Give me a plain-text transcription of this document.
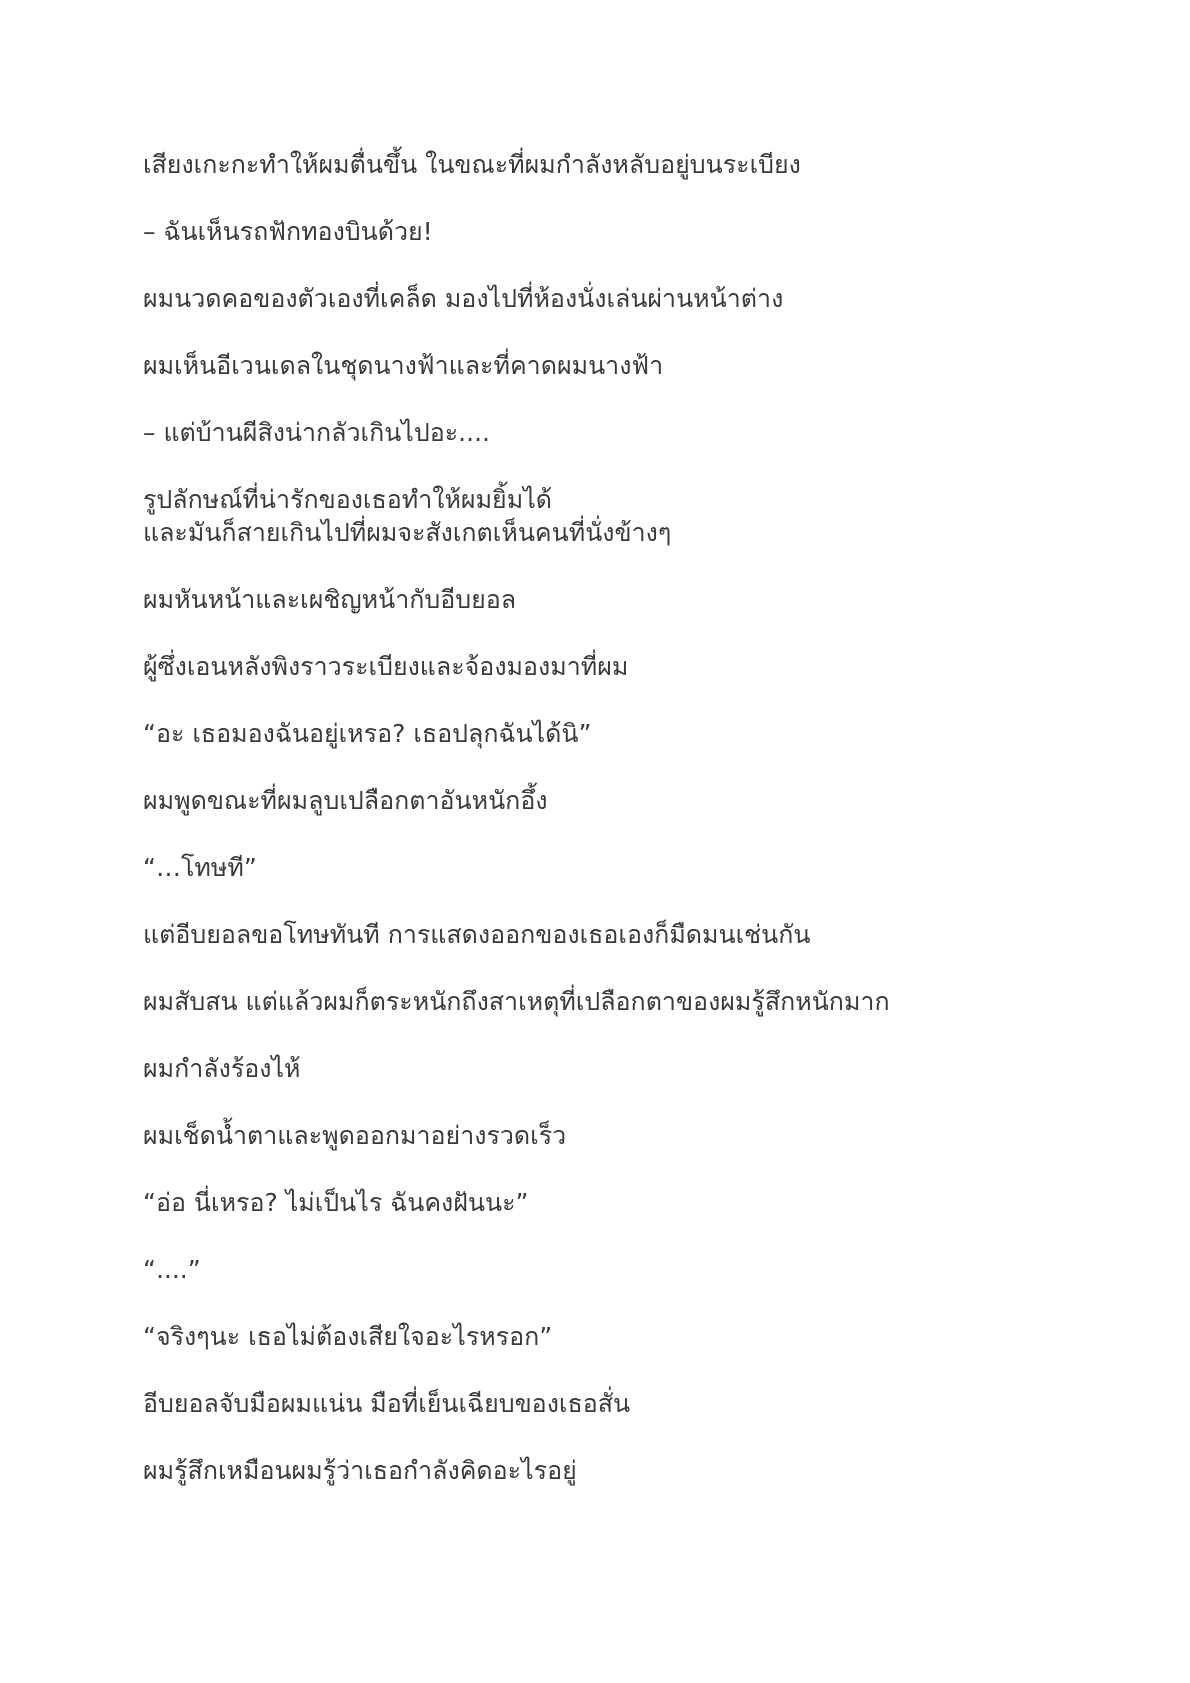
เสียงเกะกะทำให้ผมตื่นขึ้น ในขณะที่ผมกำลังหลับอยู่บนระเบียง

– ฉันเห็นรถฟักทองบินด้วย!

ผมนวดคอของตัวเองที่เคล็ด มองไปที่ห้องนั่งเล่นผ่านหน้าต่าง

ผมเห็นอีเวนเดลในชุดนางฟ้าและที่คาดผมนางฟ้า

– แต่บ้านผีสิงน่ากลัวเกินไปอะ....

รูปลักษณ์ที่น่ารักของเธอทำให้ผมยิ้มได้
และมันก็สายเกินไปที่ผมจะสังเกตเห็นคนที่นั่งข้างๆ

ผมหันหน้าและเผชิญหน้ากับอีบยอล

ผู้ซึ่งเอนหลังพิงราวระเบียงและจ้องมองมาที่ผม

“อะ เธอมองฉันอยู่เหรอ? เธอปลุกฉันได้นิ”

ผมพูดขณะที่ผมลูบเปลือกตาอันหนักอึ้ง

“…โทษที”

แต่อีบยอลขอโทษทันที การแสดงออกของเธอเองก็มืดมนเช่นกัน

ผมสับสน แต่แล้วผมก็ตระหนักถึงสาเหตุที่เปลือกตาของผมรู้สึกหนักมาก

ผมกำลังร้องไห้

ผมเช็ดน้ำตาและพูดออกมาอย่างรวดเร็ว

“อ่อ นี่เหรอ? ไม่เป็นไร ฉันคงฝันนะ”

“....”

“จริงๆนะ เธอไม่ต้องเสียใจอะไรหรอก”

อีบยอลจับมือผมแน่น มือที่เย็นเฉียบของเธอสั่น

ผมรู้สึกเหมือนผมรู้ว่าเธอกำลังคิดอะไรอยู่
